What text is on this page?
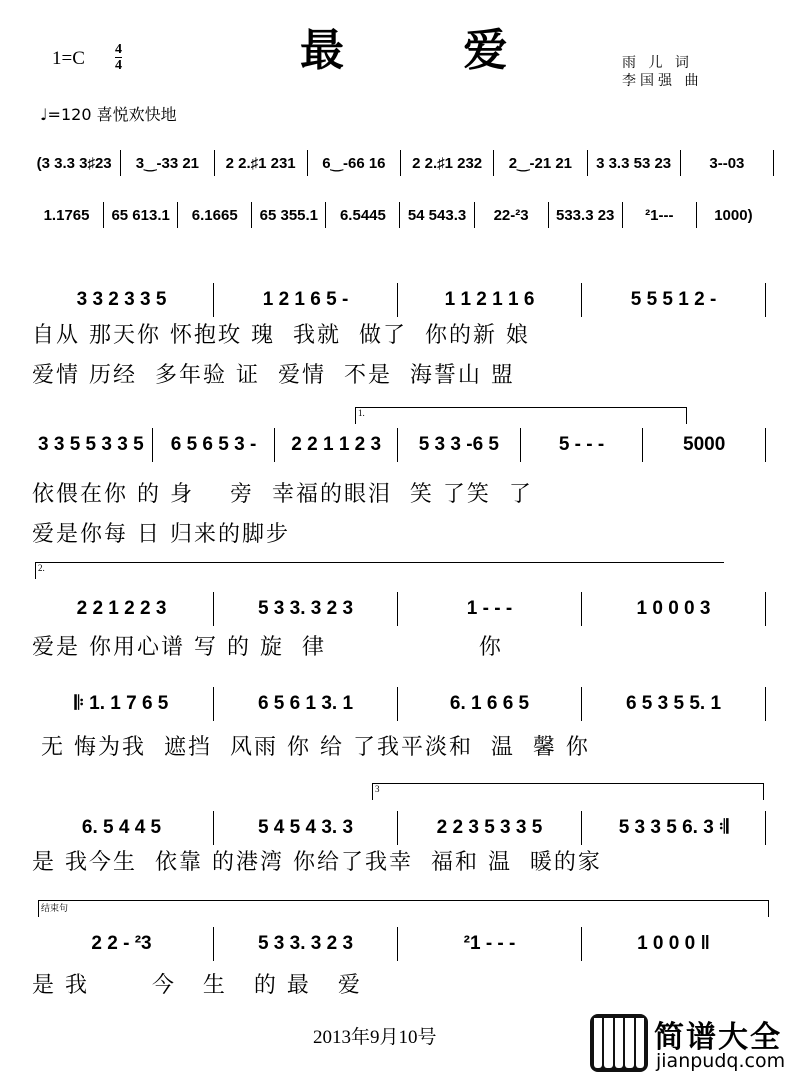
最 爱
$1=C \frac{4}{4}$
♩=120 喜悦欢快地
雨 儿 词
李国强 曲
(3 3.3 3♯23	3‿-33 21	2 2.♯1 231	6‿-66 16	2 2.♯1 232	2‿-21 21	3 3.3 53 23	3--03
1.1765	65 613.1	6.1665	65 355.1	6.5445	54 543.3	22-²3	533.3 23	²1---	1000)
3 3 2 3 3 5	1 2 1 6 5 -	1 1 2 1 1 6	5 5 5 1 2 -
自从 那天你 怀抱玫 瑰  我就  做了  你的新 娘
爱情 历经  多年验 证  爱情  不是  海誓山 盟
3 3 5 5 3 3 5	6 5 6 5 3 -	2 2 1 1 2 3	5 3 3 -6 5	5 - - -	5000
依偎在你 的 身    旁  幸福的眼泪  笑 了笑  了
爱是你每 日 归来的脚步
2 2 1 2 2 3	5 3 3. 3 2 3	1 - - -	1 0 0 0 3
爱是 你用心谱 写 的 旋  律                 你
𝄆 1. 1 7 6 5	6 5 6 1 3. 1	6. 1 6 6 5	6 5 3 5 5. 1
无 悔为我  遮挡  风雨 你 给 了我平淡和  温  馨 你
6. 5 4 4 5	5 4 5 4 3. 3	2 2 3 5 3 3 5	5 3 3 5 6. 3 𝄇
是 我今生  依靠 的港湾 你给了我幸  福和 温  暖的家
2 2 - ²3	5 3 3. 3 2 3	²1 - - -	1 0 0 0 ‖
是 我       今   生   的 最   爱
1.
2.
3
结束句
2013年9月10号	简谱大全
jianpudq.com
